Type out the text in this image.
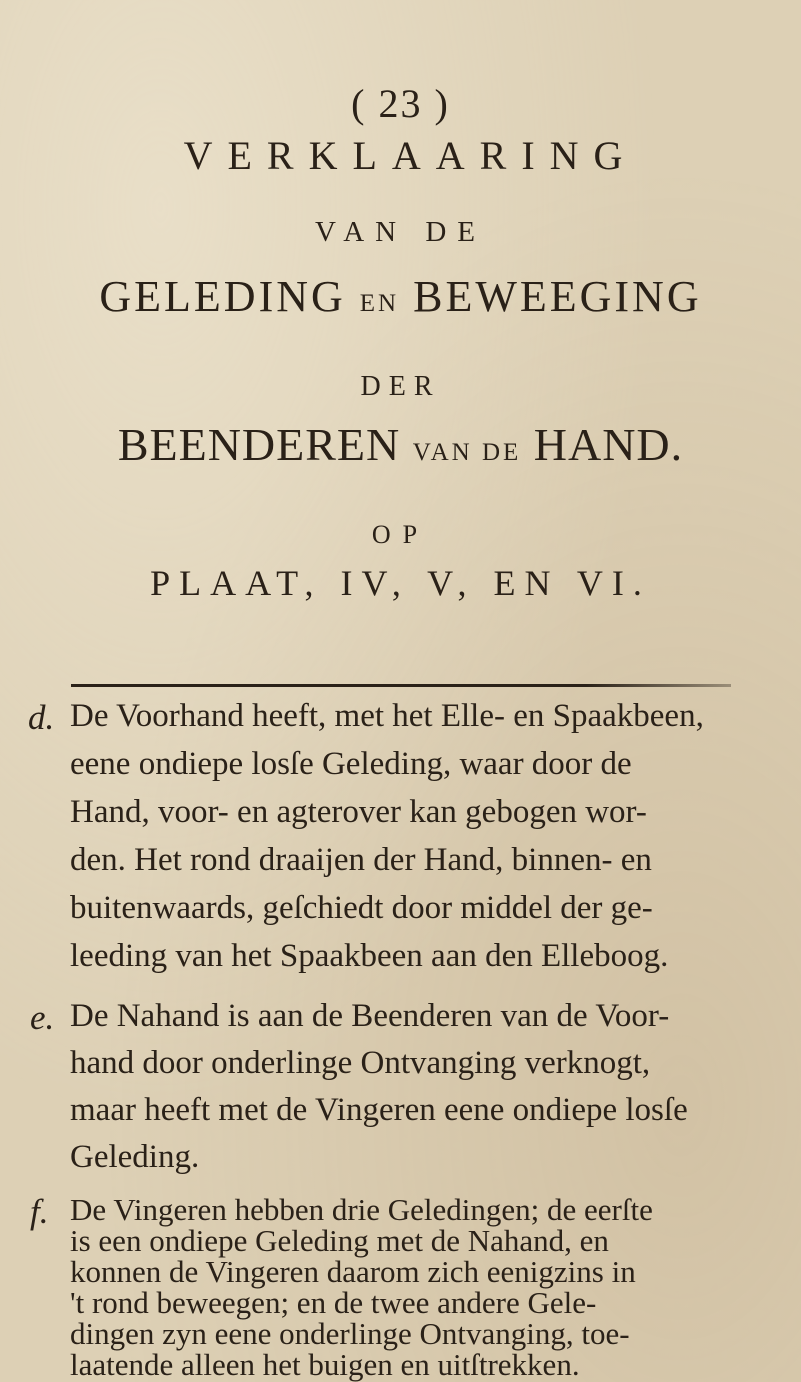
( 23 )
VERKLAARING
VAN DE
GELEDING EN BEWEEGING
DER
BEENDEREN VAN DE HAND.
OP
PLAAT, IV, V, EN VI.
d. De Voorhand heeft, met het Elle- en Spaakbeen,
eene ondiepe losſe Geleding, waar door de
Hand, voor- en agterover kan gebogen wor-
den. Het rond draaijen der Hand, binnen- en
buitenwaards, geſchiedt door middel der ge-
leeding van het Spaakbeen aan den Elleboog.
e. De Nahand is aan de Beenderen van de Voor-
hand door onderlinge Ontvanging verknogt,
maar heeft met de Vingeren eene ondiepe losſe
Geleding.
f. De Vingeren hebben drie Geledingen; de eerſte
is een ondiepe Geleding met de Nahand, en
konnen de Vingeren daarom zich eenigzins in
't rond beweegen; en de twee andere Gele-
dingen zyn eene onderlinge Ontvanging, toe-
laatende alleen het buigen en uitſtrekken.
